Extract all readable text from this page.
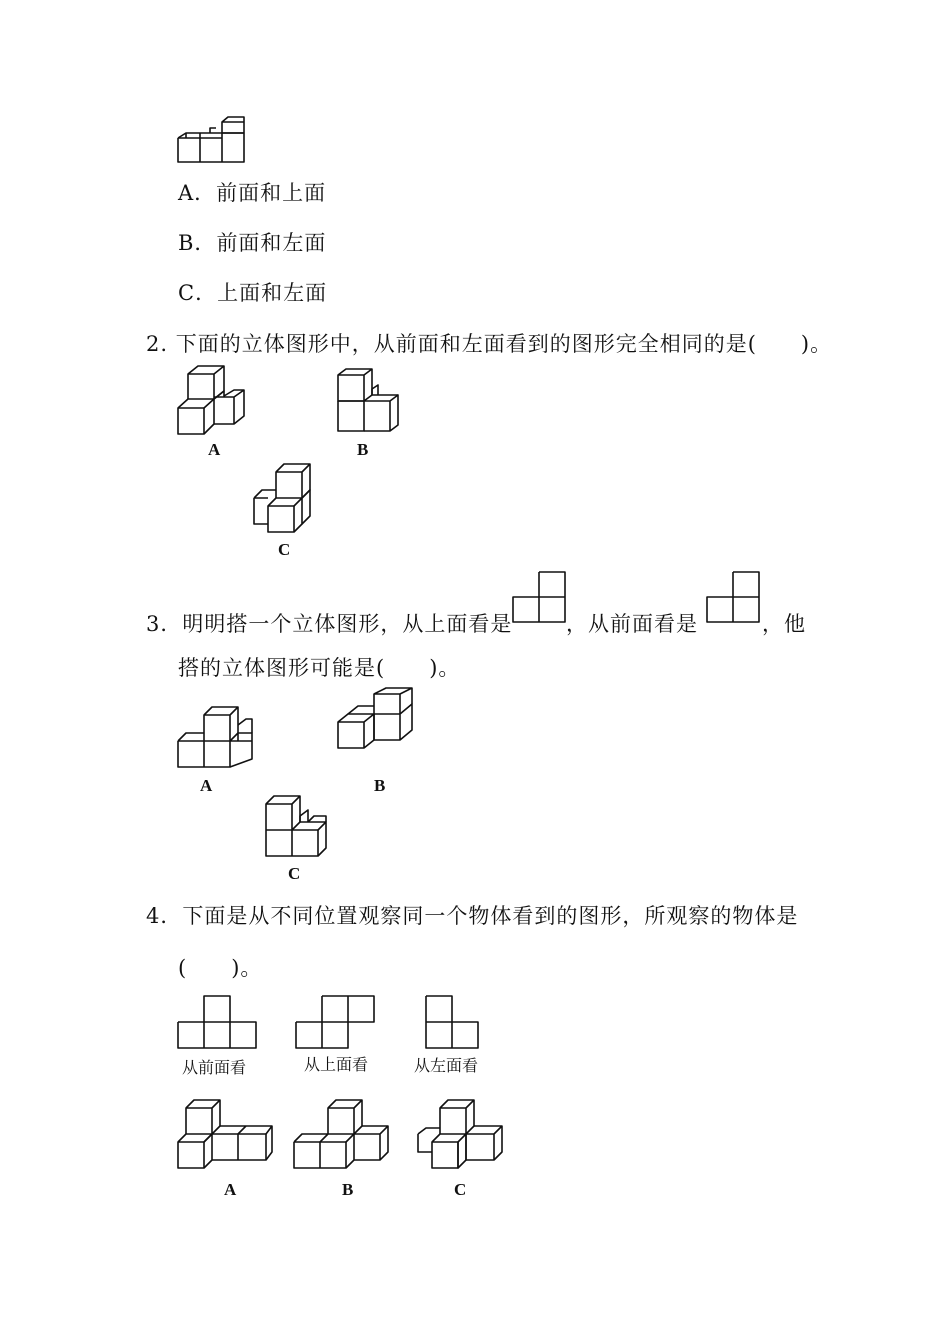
A．前面和上面
B．前面和左面
C．上面和左面
2. 下面的立体图形中，从前面和左面看到的图形完全相同的是(　　)。
A	B
C
3．明明搭一个立体图形，从上面看是	，从前面看是	，他
搭的立体图形可能是(　　)。
A	B
C
4．下面是从不同位置观察同一个物体看到的图形，所观察的物体是
(　　)。
从前面看	从上面看	从左面看
A	B	C
